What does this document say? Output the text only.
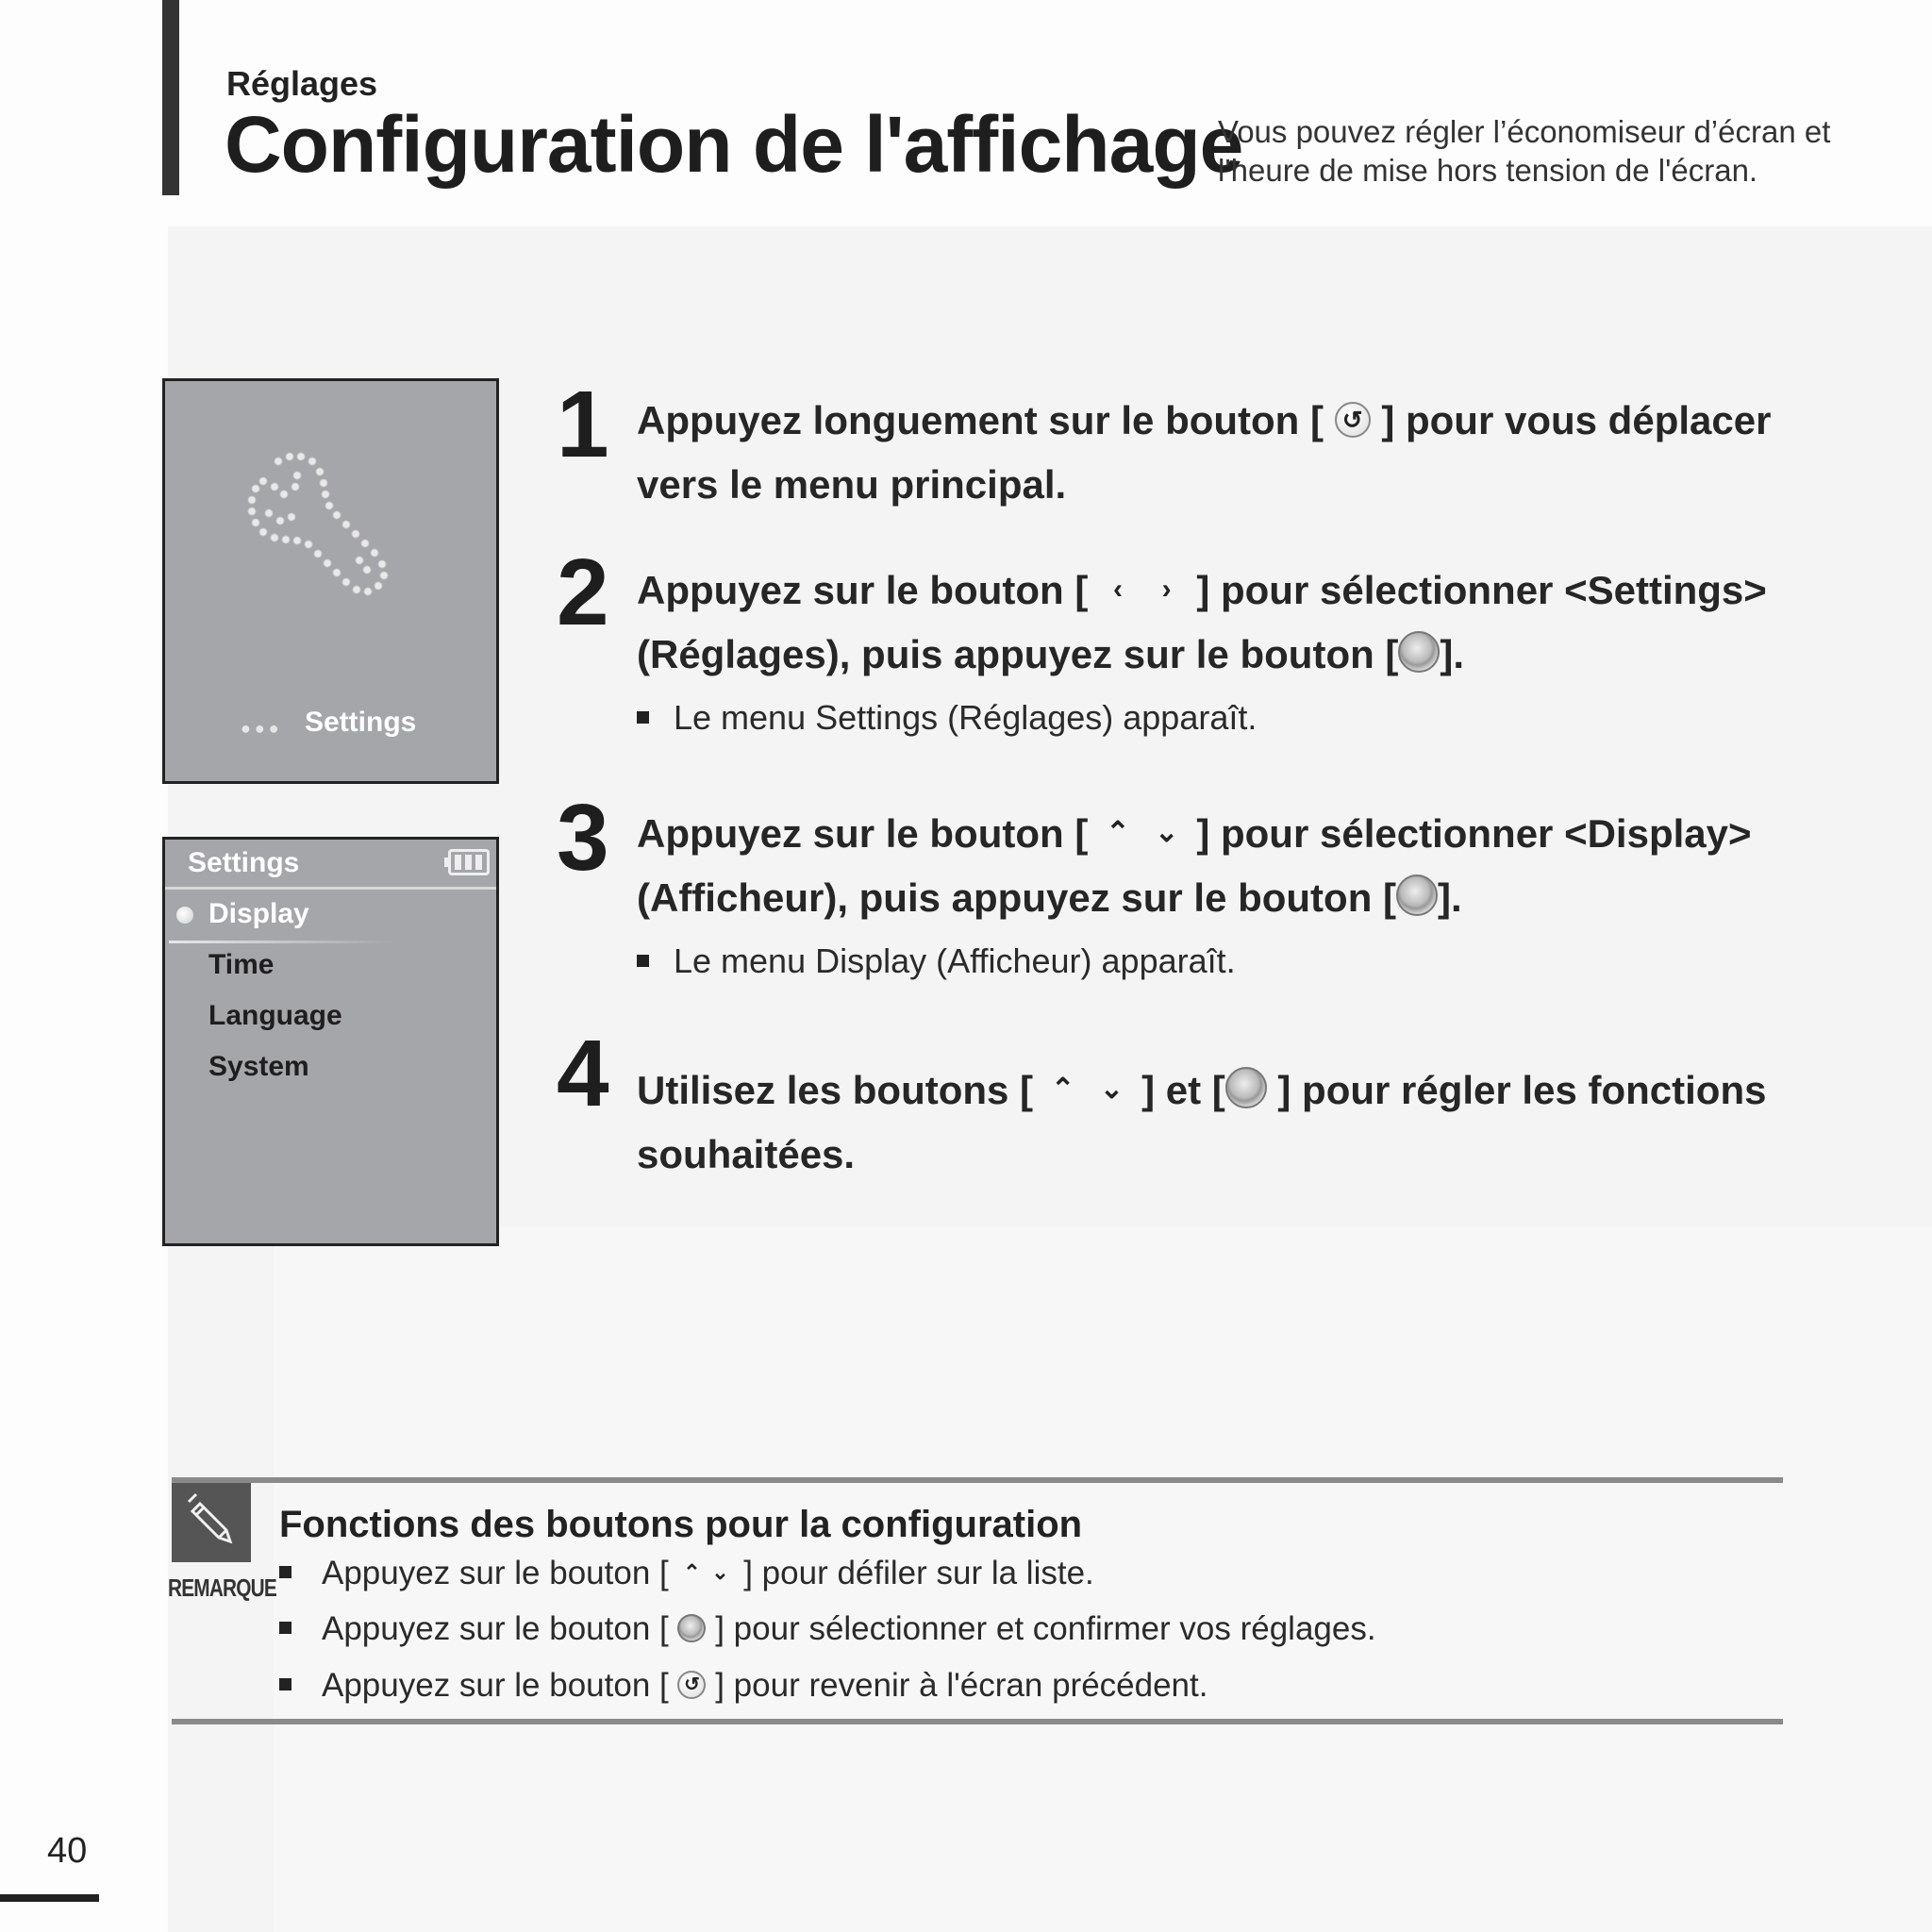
Réglages
Configuration de l'affichage
Vous pouvez régler l’économiseur d’écran et l'heure de mise hors tension de l'écran.
●●● Settings
Settings
Display
Time
Language
System
1 Appuyez longuement sur le bouton [ ↺ ] pour vous déplacer
vers le menu principal.
2 Appuyez sur le bouton [ ‹ › ] pour sélectionner <Settings>
(Réglages), puis appuyez sur le bouton [ ].
Le menu Settings (Réglages) apparaît.
3 Appuyez sur le bouton [ ⌃ ⌄ ] pour sélectionner <Display>
(Afficheur), puis appuyez sur le bouton [ ].
Le menu Display (Afficheur) apparaît.
4 Utilisez les boutons [ ⌃ ⌄ ] et [ ] pour régler les fonctions
souhaitées.
REMARQUE
Fonctions des boutons pour la configuration
Appuyez sur le bouton [ ⌃ ⌄ ] pour défiler sur la liste.
Appuyez sur le bouton [ ] pour sélectionner et confirmer vos réglages.
Appuyez sur le bouton [ ↺ ] pour revenir à l'écran précédent.
40
